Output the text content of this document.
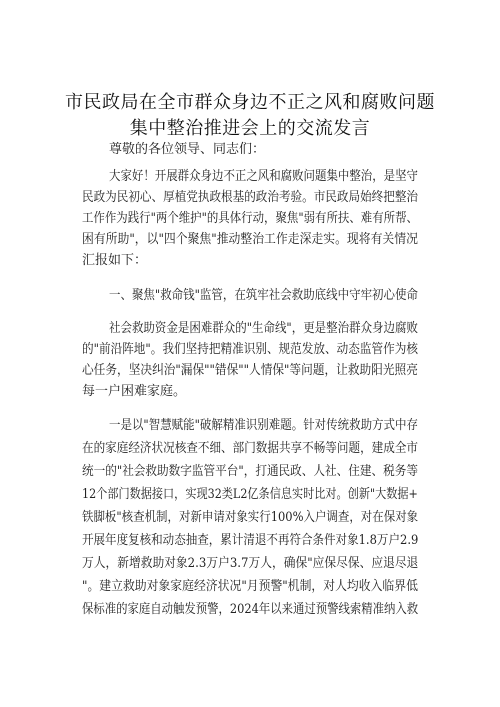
市民政局在全市群众身边不正之风和腐败问题
集中整治推进会上的交流发言
尊敬的各位领导、同志们：
大家好！开展群众身边不正之风和腐败问题集中整治，是坚守
民政为民初心、厚植党执政根基的政治考验。市民政局始终把整治
工作作为践行"两个维护"的具体行动，聚焦"弱有所扶、难有所帮、
困有所助"，以"四个聚焦"推动整治工作走深走实。现将有关情况
汇报如下：
一、聚焦"救命钱"监管，在筑牢社会救助底线中守牢初心使命
社会救助资金是困难群众的"生命线"，更是整治群众身边腐败
的"前沿阵地"。我们坚持把精准识别、规范发放、动态监管作为核
心任务，坚决纠治"漏保""错保""人情保"等问题，让救助阳光照亮
每一户困难家庭。
一是以"智慧赋能"破解精准识别难题。针对传统救助方式中存
在的家庭经济状况核查不细、部门数据共享不畅等问题，建成全市
统一的"社会救助数字监管平台"，打通民政、人社、住建、税务等
12个部门数据接口，实现32类L2亿条信息实时比对。创新"大数据+
铁脚板"核查机制，对新申请对象实行100%入户调查，对在保对象
开展年度复核和动态抽查，累计清退不再符合条件对象1.8万户2.9
万人，新增救助对象2.3万户3.7万人，确保"应保尽保、应退尽退
"。建立救助对象家庭经济状况"月预警"机制，对人均收入临界低
保标准的家庭自动触发预警，2024年以来通过预警线索精准纳入救
